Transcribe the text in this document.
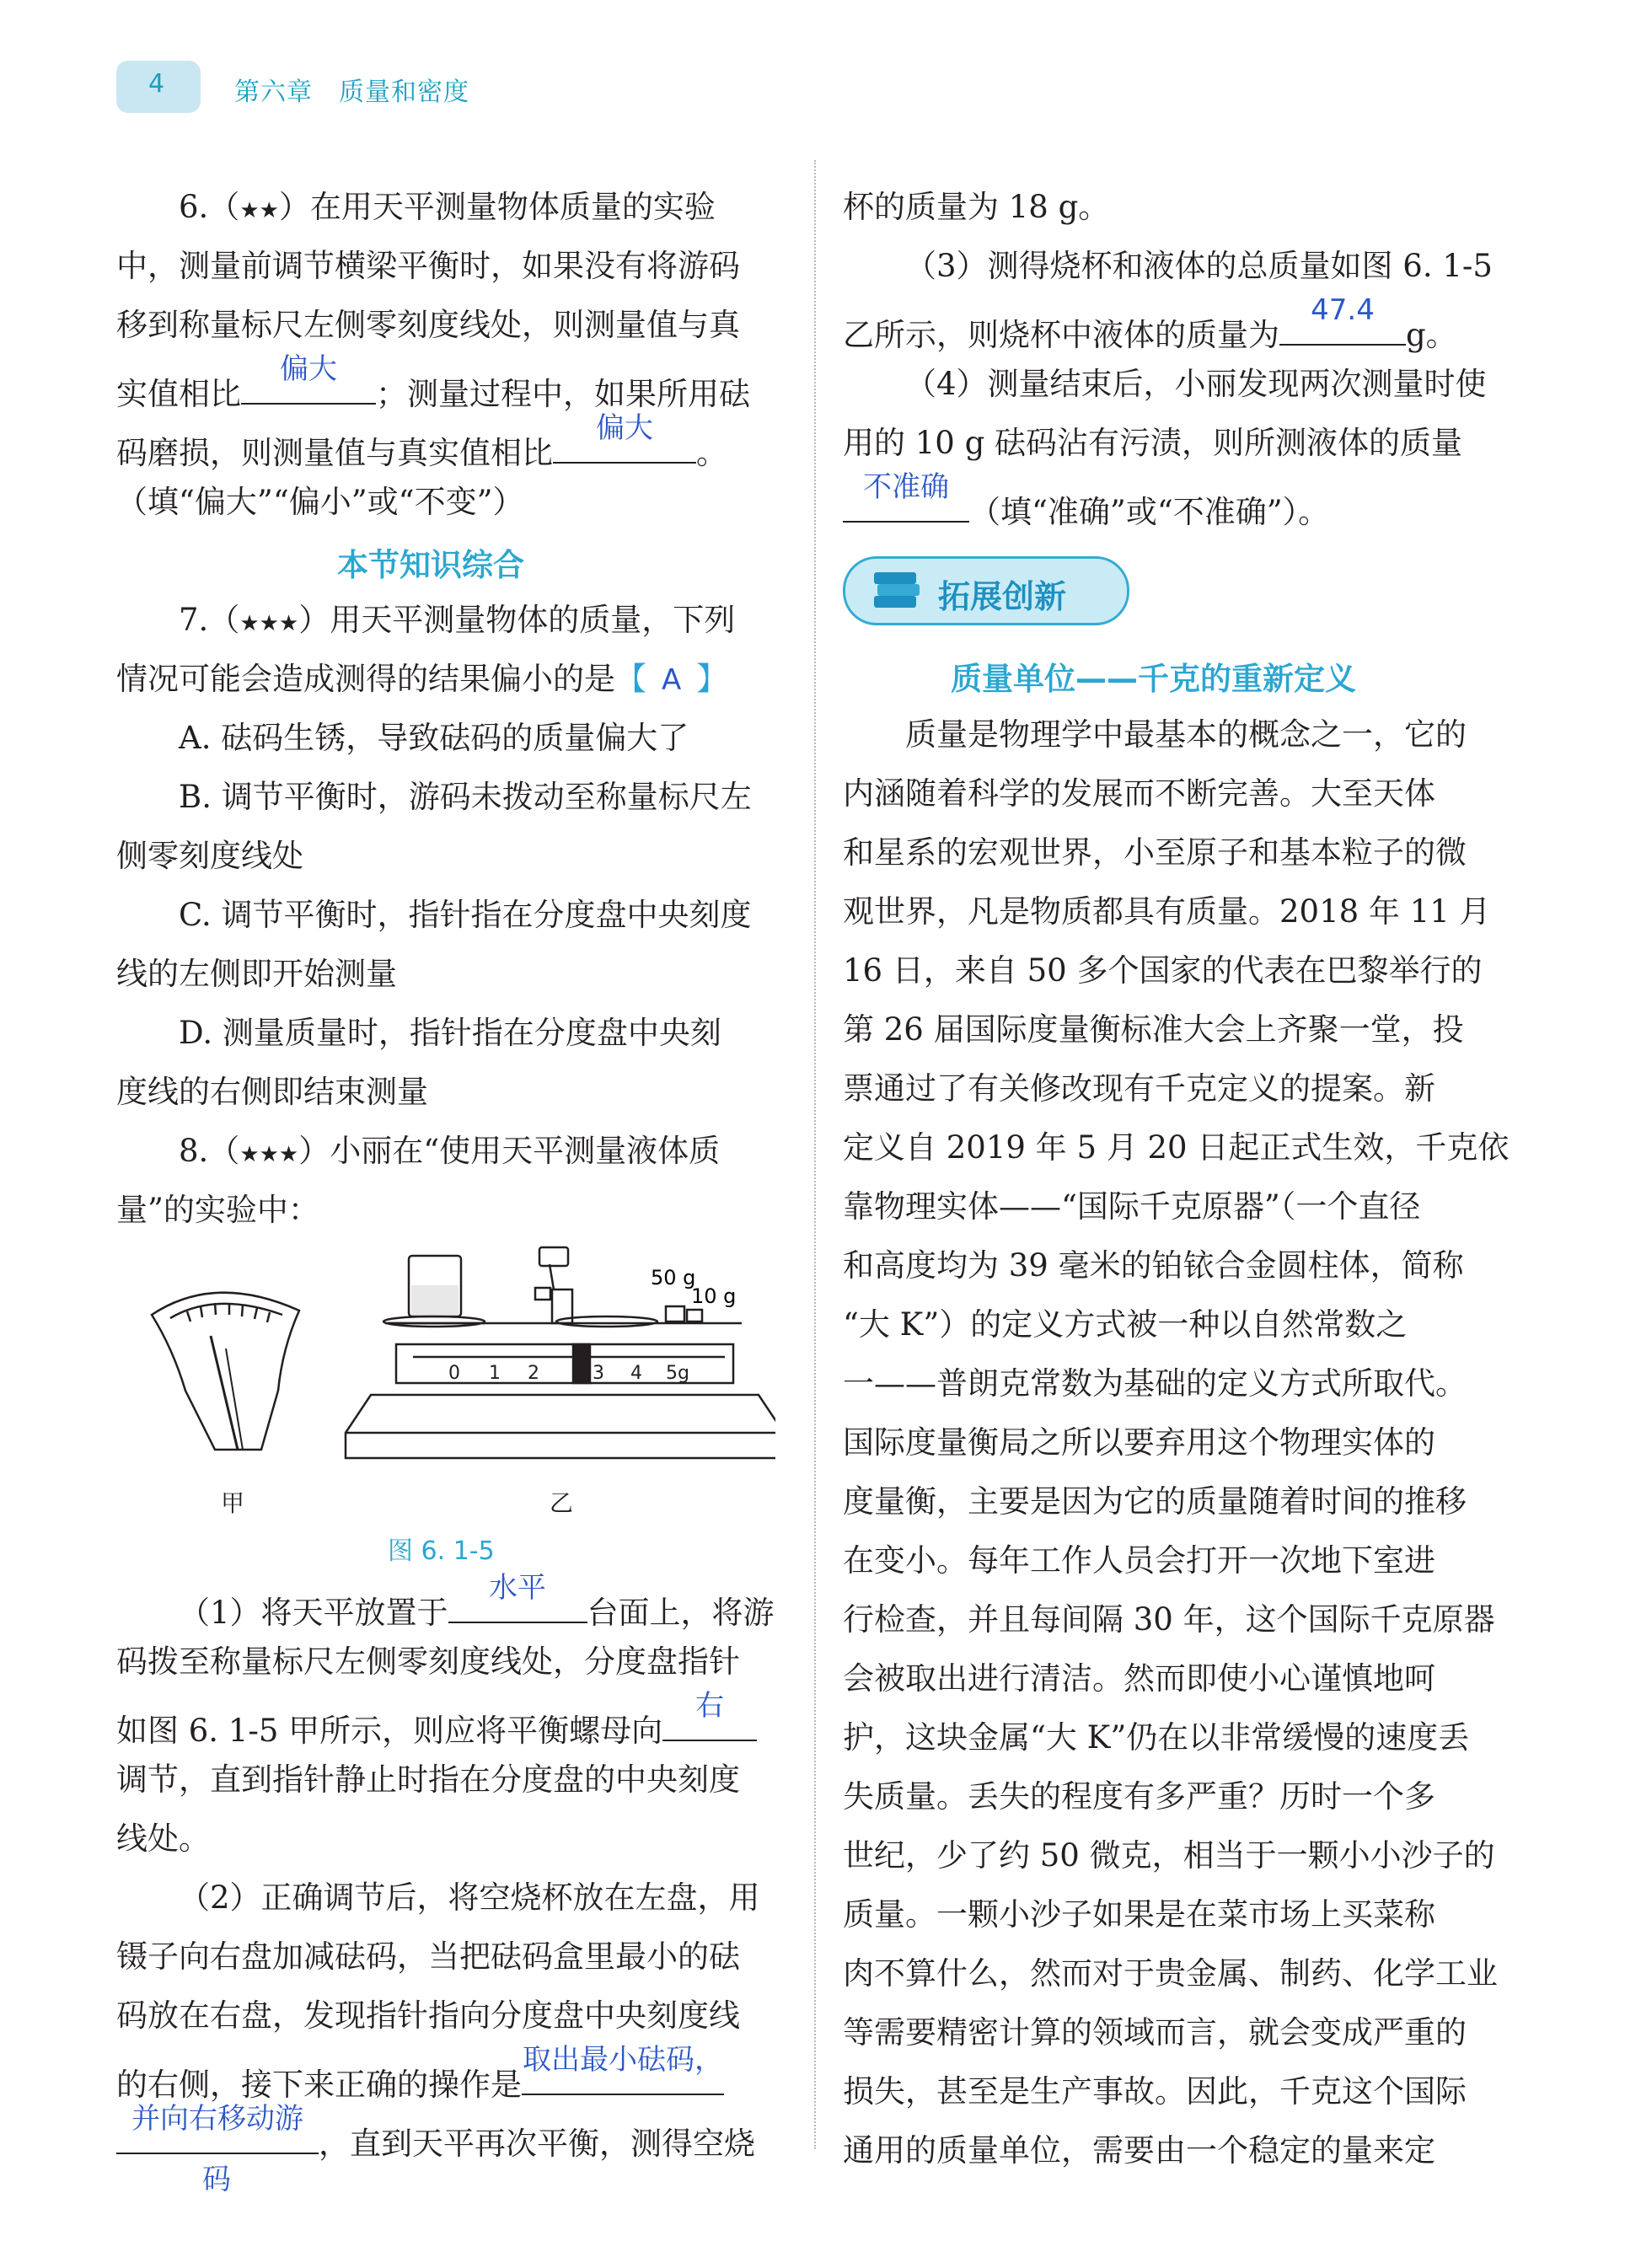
4	第六章　质量和密度
6.（★★）在用天平测量物体质量的实验
中，测量前调节横梁平衡时，如果没有将游码
移到称量标尺左侧零刻度线处，则测量值与真
实值相比
偏大
；测量过程中，如果所用砝
码磨损，则测量值与真实值相比
偏大
。
（填“偏大”“偏小”或“不变”）
本节知识综合
7.（★★★）用天平测量物体的质量，下列
情况可能会造成测得的结果偏小的是【 A 】
A. 砝码生锈，导致砝码的质量偏大了
B. 调节平衡时，游码未拨动至称量标尺左
侧零刻度线处
C. 调节平衡时，指针指在分度盘中央刻度
线的左侧即开始测量
D. 测量质量时，指针指在分度盘中央刻
度线的右侧即结束测量
8.（★★★）小丽在“使用天平测量液体质
量”的实验中：
0 1 2	3 4 5g
50 g
10 g
甲	乙
图 6. 1-5
（1）将天平放置于
水平
台面上，将游
码拨至称量标尺左侧零刻度线处，分度盘指针
如图 6. 1-5 甲所示，则应将平衡螺母向
右
调节，直到指针静止时指在分度盘的中央刻度
线处。
（2）正确调节后，将空烧杯放在左盘，用
镊子向右盘加减砝码，当把砝码盒里最小的砝
码放在右盘，发现指针指向分度盘中央刻度线
的右侧，接下来正确的操作是
取出最小砝码，
并向右移动游
，直到天平再次平衡，测得空烧
码
杯的质量为 18 g。
（3）测得烧杯和液体的总质量如图 6. 1-5
乙所示，则烧杯中液体的质量为
47.4
g。
（4）测量结束后，小丽发现两次测量时使
用的 10 g 砝码沾有污渍，则所测液体的质量
不准确
（填“准确”或“不准确”）。
拓展创新
质量单位——千克的重新定义
质量是物理学中最基本的概念之一，它的
内涵随着科学的发展而不断完善。大至天体
和星系的宏观世界，小至原子和基本粒子的微
观世界，凡是物质都具有质量。2018 年 11 月
16 日，来自 50 多个国家的代表在巴黎举行的
第 26 届国际度量衡标准大会上齐聚一堂，投
票通过了有关修改现有千克定义的提案。新
定义自 2019 年 5 月 20 日起正式生效，千克依
靠物理实体——“国际千克原器”（一个直径
和高度均为 39 毫米的铂铱合金圆柱体，简称
“大 K”）的定义方式被一种以自然常数之
一——普朗克常数为基础的定义方式所取代。
国际度量衡局之所以要弃用这个物理实体的
度量衡，主要是因为它的质量随着时间的推移
在变小。每年工作人员会打开一次地下室进
行检查，并且每间隔 30 年，这个国际千克原器
会被取出进行清洁。然而即使小心谨慎地呵
护，这块金属“大 K”仍在以非常缓慢的速度丢
失质量。丢失的程度有多严重？历时一个多
世纪，少了约 50 微克，相当于一颗小小沙子的
质量。一颗小沙子如果是在菜市场上买菜称
肉不算什么，然而对于贵金属、制药、化学工业
等需要精密计算的领域而言，就会变成严重的
损失，甚至是生产事故。因此，千克这个国际
通用的质量单位，需要由一个稳定的量来定
